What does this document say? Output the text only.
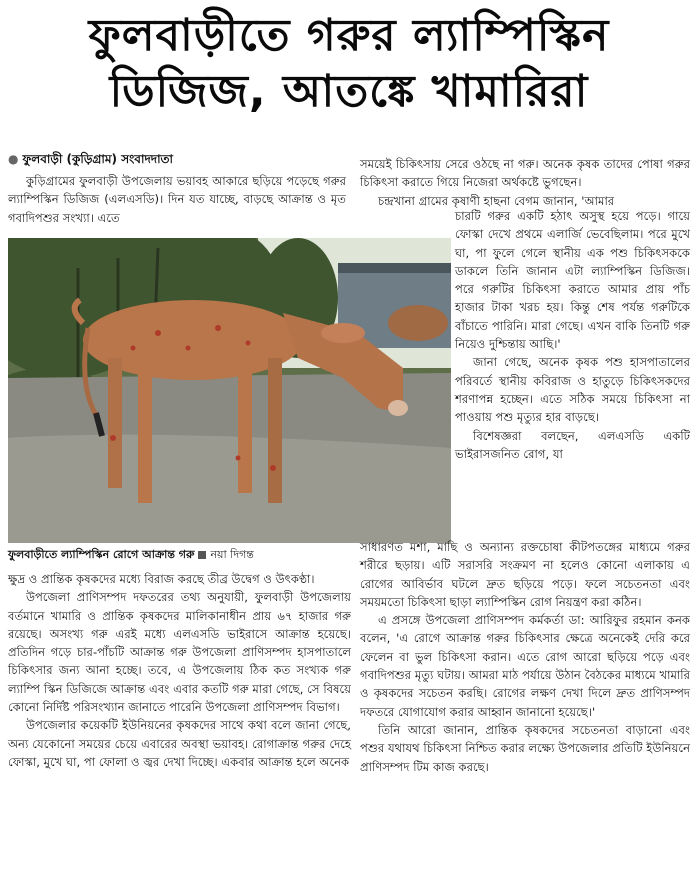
ফুলবাড়ীতে গরুর ল্যাম্পিস্কিন
ডিজিজ, আতঙ্কে খামারিরা
● ফুলবাড়ী (কুড়িগ্রাম) সংবাদদাতা

কুড়িগ্রামের ফুলবাড়ী উপজেলায় ভয়াবহ আকারে ছড়িয়ে পড়েছে গরুর ল্যাম্পিস্কিন ডিজিজ (এলএসডি)। দিন যত যাচ্ছে, বাড়ছে আক্রান্ত ও মৃত গবাদিপশুর সংখ্যা। এতে

ফুলবাড়ীতে ল্যাম্পিস্কিন রোগে আক্রান্ত গরু নয়া দিগন্ত

ক্ষুদ্র ও প্রান্তিক কৃষকদের মধ্যে বিরাজ করছে তীব্র উদ্বেগ ও উৎকণ্ঠা।

উপজেলা প্রাণিসম্পদ দফতরের তথ্য অনুযায়ী, ফুলবাড়ী উপজেলায় বর্তমানে খামারি ও প্রান্তিক কৃষকদের মালিকানাধীন প্রায় ৬৭ হাজার গরু রয়েছে। অসংখ্য গরু এরই মধ্যে এলএসডি ভাইরাসে আক্রান্ত হয়েছে। প্রতিদিন গড়ে চার-পাঁচটি আক্রান্ত গরু উপজেলা প্রাণিসম্পদ হাসপাতালে চিকিৎসার জন্য আনা হচ্ছে। তবে, এ উপজেলায় ঠিক কত সংখ্যক গরু ল্যাম্পি স্কিন ডিজিজে আক্রান্ত এবং এবার কতটি গরু মারা গেছে, সে বিষয়ে কোনো নির্দিষ্ট পরিসংখ্যান জানাতে পারেনি উপজেলা প্রাণিসম্পদ বিভাগ।

উপজেলার কয়েকটি ইউনিয়নের কৃষকদের সাথে কথা বলে জানা গেছে, অন্য যেকোনো সময়ের চেয়ে এবারের অবস্থা ভয়াবহ। রোগাক্রান্ত গরুর দেহে ফোস্কা, মুখে ঘা, পা ফোলা ও জ্বর দেখা দিচ্ছে। একবার আক্রান্ত হলে অনেক

সময়েই চিকিৎসায় সেরে ওঠছে না গরু। অনেক কৃষক তাদের পোষা গরুর চিকিৎসা করাতে গিয়ে নিজেরা অর্থকষ্টে ভুগছেন।

চন্দ্রখানা গ্রামের কৃষাণী হাছনা বেগম জানান, 'আমার

চারটি গরুর একটি হঠাৎ অসুস্থ হয়ে পড়ে। গায়ে ফোস্কা দেখে প্রথমে এলার্জি ভেবেছিলাম। পরে মুখে ঘা, পা ফুলে গেলে স্থানীয় এক পশু চিকিৎসককে ডাকলে তিনি জানান এটা ল্যাম্পিস্কিন ডিজিজ। পরে গরুটির চিকিৎসা করাতে আমার প্রায় পাঁচ হাজার টাকা খরচ হয়। কিন্তু শেষ পর্যন্ত গরুটিকে বাঁচাতে পারিনি। মারা গেছে। এখন বাকি তিনটি গরু নিয়েও দুশ্চিন্তায় আছি।'

জানা গেছে, অনেক কৃষক পশু হাসপাতালের পরিবর্তে স্থানীয় কবিরাজ ও হাতুড়ে চিকিৎসকদের শরণাপন্ন হচ্ছেন। এতে সঠিক সময়ে চিকিৎসা না পাওয়ায় পশু মৃত্যুর হার বাড়ছে।

বিশেষজ্ঞরা বলছেন, এলএসডি একটি ভাইরাসজনিত রোগ, যা

সাধারণত মশা, মাছি ও অন্যান্য রক্তচোষা কীটপতঙ্গের মাধ্যমে গরুর শরীরে ছড়ায়। এটি সরাসরি সংক্রমণ না হলেও কোনো এলাকায় এ রোগের আবির্ভাব ঘটলে দ্রুত ছড়িয়ে পড়ে। ফলে সচেতনতা এবং সময়মতো চিকিৎসা ছাড়া ল্যাম্পিস্কিন রোগ নিয়ন্ত্রণ করা কঠিন।

এ প্রসঙ্গে উপজেলা প্রাণিসম্পদ কর্মকর্তা ডা: আরিফুর রহমান কনক বলেন, 'এ রোগে আক্রান্ত গরুর চিকিৎসার ক্ষেত্রে অনেকেই দেরি করে ফেলেন বা ভুল চিকিৎসা করান। এতে রোগ আরো ছড়িয়ে পড়ে এবং গবাদিপশুর মৃত্যু ঘটায়। আমরা মাঠ পর্যায়ে উঠান বৈঠকের মাধ্যমে খামারি ও কৃষকদের সচেতন করছি। রোগের লক্ষণ দেখা দিলে দ্রুত প্রাণিসম্পদ দফতরে যোগাযোগ করার আহ্বান জানানো হয়েছে।'

তিনি আরো জানান, প্রান্তিক কৃষকদের সচেতনতা বাড়ানো এবং পশুর যথাযথ চিকিৎসা নিশ্চিত করার লক্ষ্যে উপজেলার প্রতিটি ইউনিয়নে প্রাণিসম্পদ টিম কাজ করছে।
